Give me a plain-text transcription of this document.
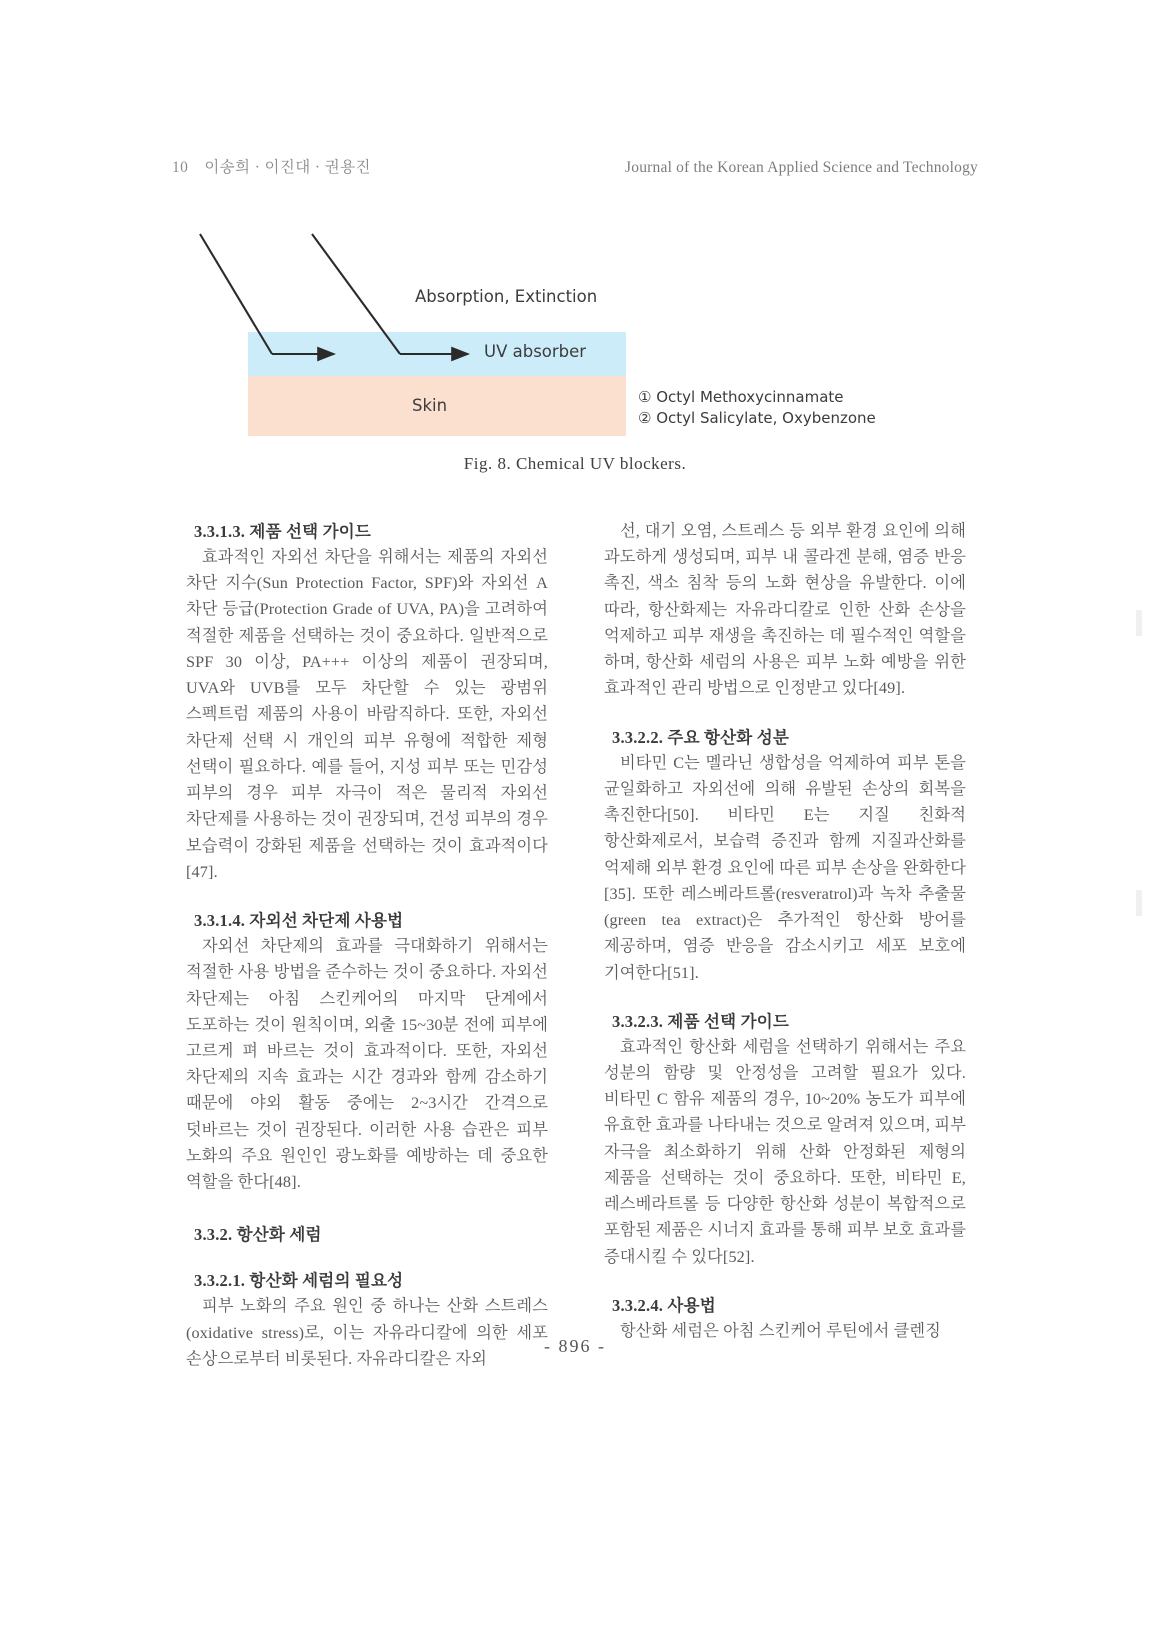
10 이송희 · 이진대 · 권용진	Journal of the Korean Applied Science and Technology
Absorption, Extinction
UV absorber
Skin	① Octyl Methoxycinnamate
② Octyl Salicylate, Oxybenzone
Fig. 8. Chemical UV blockers.
3.3.1.3. 제품 선택 가이드

효과적인 자외선 차단을 위해서는 제품의 자외선 차단 지수(Sun Protection Factor, SPF)와 자외선 A 차단 등급(Protection Grade of UVA, PA)을 고려하여 적절한 제품을 선택하는 것이 중요하다. 일반적으로 SPF 30 이상, PA+++ 이상의 제품이 권장되며, UVA와 UVB를 모두 차단할 수 있는 광범위 스펙트럼 제품의 사용이 바람직하다. 또한, 자외선 차단제 선택 시 개인의 피부 유형에 적합한 제형 선택이 필요하다. 예를 들어, 지성 피부 또는 민감성 피부의 경우 피부 자극이 적은 물리적 자외선 차단제를 사용하는 것이 권장되며, 건성 피부의 경우 보습력이 강화된 제품을 선택하는 것이 효과적이다[47].

3.3.1.4. 자외선 차단제 사용법

자외선 차단제의 효과를 극대화하기 위해서는 적절한 사용 방법을 준수하는 것이 중요하다. 자외선 차단제는 아침 스킨케어의 마지막 단계에서 도포하는 것이 원칙이며, 외출 15~30분 전에 피부에 고르게 펴 바르는 것이 효과적이다. 또한, 자외선 차단제의 지속 효과는 시간 경과와 함께 감소하기 때문에 야외 활동 중에는 2~3시간 간격으로 덧바르는 것이 권장된다. 이러한 사용 습관은 피부 노화의 주요 원인인 광노화를 예방하는 데 중요한 역할을 한다[48].

3.3.2. 항산화 세럼
3.3.2.1. 항산화 세럼의 필요성

피부 노화의 주요 원인 중 하나는 산화 스트레스(oxidative stress)로, 이는 자유라디칼에 의한 세포 손상으로부터 비롯된다. 자유라디칼은 자외

선, 대기 오염, 스트레스 등 외부 환경 요인에 의해 과도하게 생성되며, 피부 내 콜라겐 분해, 염증 반응 촉진, 색소 침착 등의 노화 현상을 유발한다. 이에 따라, 항산화제는 자유라디칼로 인한 산화 손상을 억제하고 피부 재생을 촉진하는 데 필수적인 역할을 하며, 항산화 세럼의 사용은 피부 노화 예방을 위한 효과적인 관리 방법으로 인정받고 있다[49].

3.3.2.2. 주요 항산화 성분

비타민 C는 멜라닌 생합성을 억제하여 피부 톤을 균일화하고 자외선에 의해 유발된 손상의 회복을 촉진한다[50]. 비타민 E는 지질 친화적 항산화제로서, 보습력 증진과 함께 지질과산화를 억제해 외부 환경 요인에 따른 피부 손상을 완화한다[35]. 또한 레스베라트롤(resveratrol)과 녹차 추출물(green tea extract)은 추가적인 항산화 방어를 제공하며, 염증 반응을 감소시키고 세포 보호에 기여한다[51].

3.3.2.3. 제품 선택 가이드

효과적인 항산화 세럼을 선택하기 위해서는 주요 성분의 함량 및 안정성을 고려할 필요가 있다. 비타민 C 함유 제품의 경우, 10~20% 농도가 피부에 유효한 효과를 나타내는 것으로 알려져 있으며, 피부 자극을 최소화하기 위해 산화 안정화된 제형의 제품을 선택하는 것이 중요하다. 또한, 비타민 E, 레스베라트롤 등 다양한 항산화 성분이 복합적으로 포함된 제품은 시너지 효과를 통해 피부 보호 효과를 증대시킬 수 있다[52].

3.3.2.4. 사용법

항산화 세럼은 아침 스킨케어 루틴에서 클렌징

- 896 -
